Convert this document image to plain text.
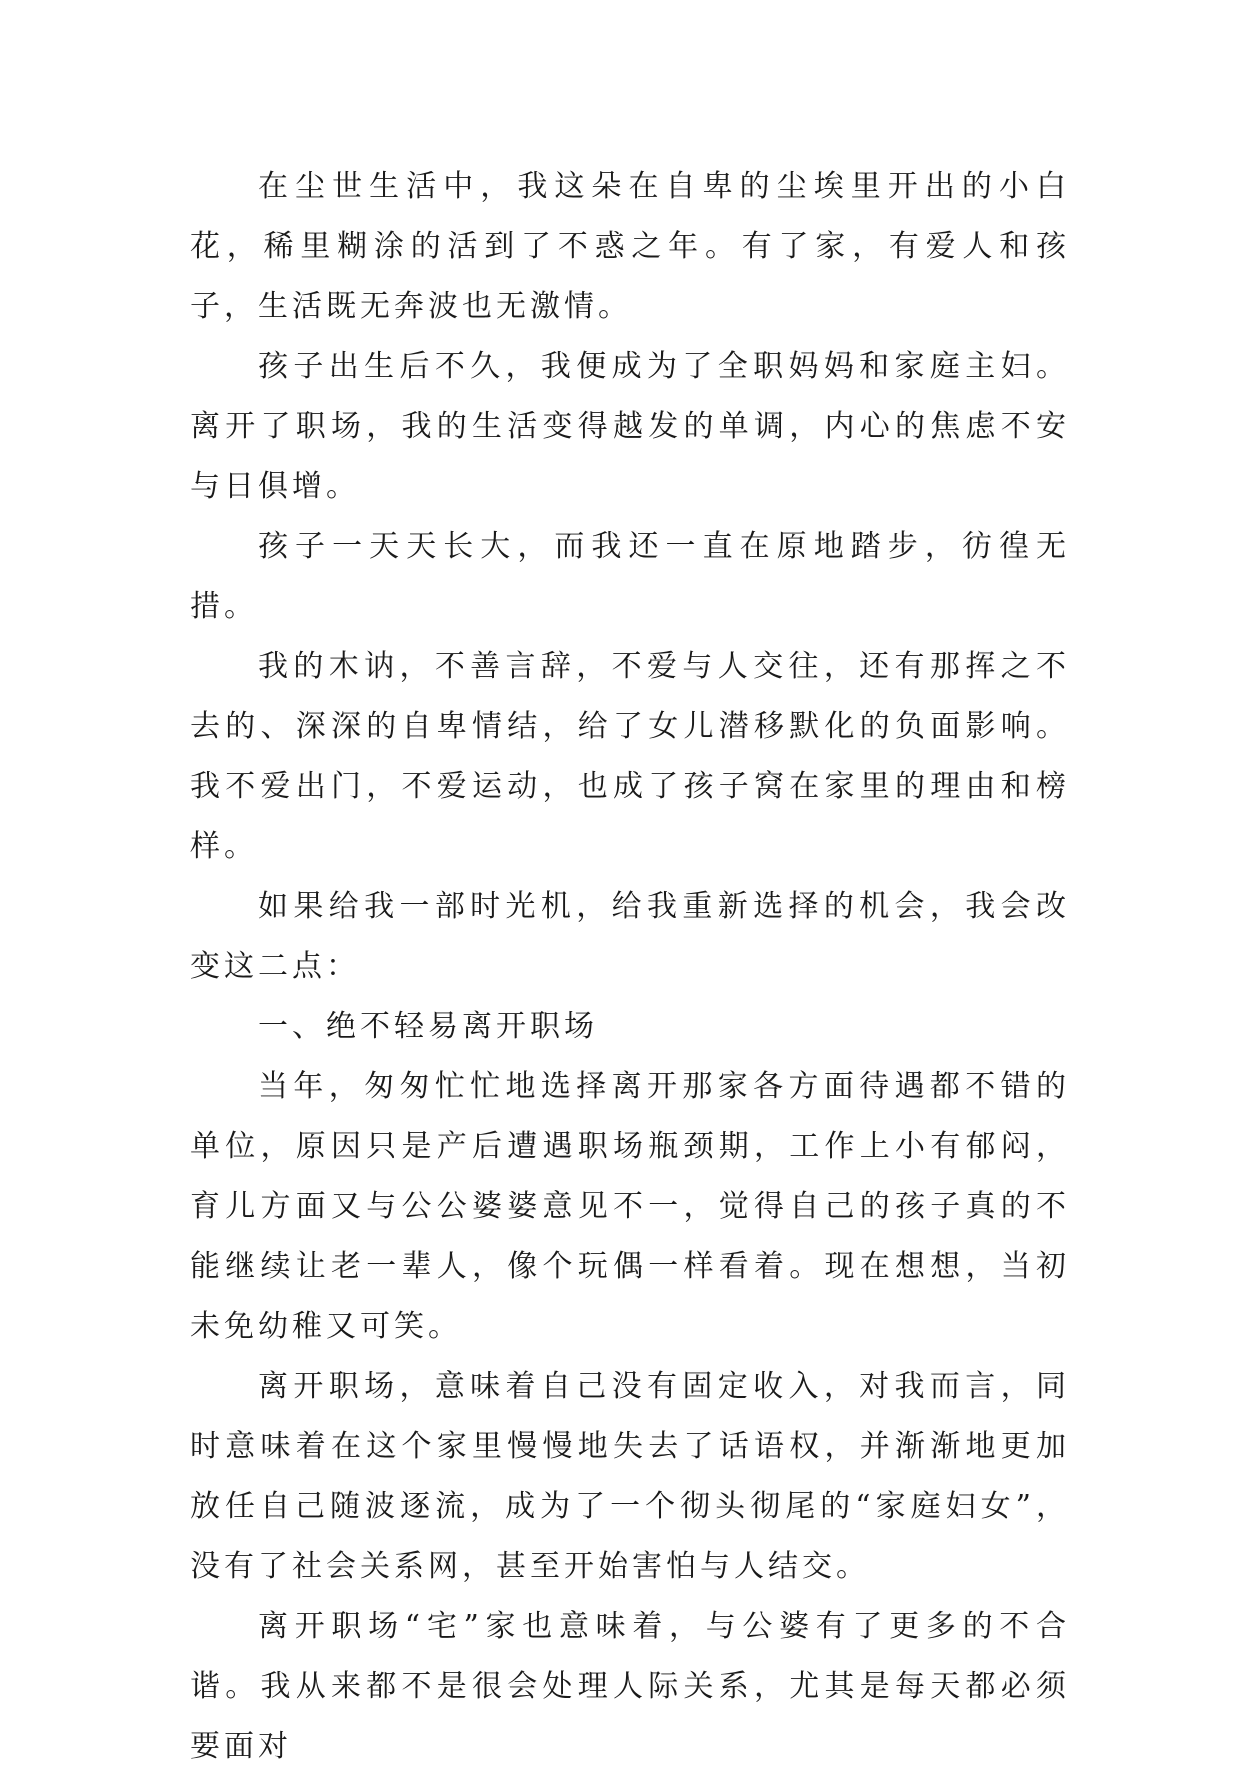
在尘世生活中，我这朵在自卑的尘埃里开出的小白花，稀里糊涂的活到了不惑之年。有了家，有爱人和孩子，生活既无奔波也无激情。

孩子出生后不久，我便成为了全职妈妈和家庭主妇。离开了职场，我的生活变得越发的单调，内心的焦虑不安与日俱增。

孩子一天天长大，而我还一直在原地踏步，彷徨无措。

我的木讷，不善言辞，不爱与人交往，还有那挥之不去的、深深的自卑情结，给了女儿潜移默化的负面影响。我不爱出门，不爱运动，也成了孩子窝在家里的理由和榜样。

如果给我一部时光机，给我重新选择的机会，我会改变这二点：

一、绝不轻易离开职场

当年，匆匆忙忙地选择离开那家各方面待遇都不错的单位，原因只是产后遭遇职场瓶颈期，工作上小有郁闷，育儿方面又与公公婆婆意见不一，觉得自己的孩子真的不能继续让老一辈人，像个玩偶一样看着。现在想想，当初未免幼稚又可笑。

离开职场，意味着自己没有固定收入，对我而言，同时意味着在这个家里慢慢地失去了话语权，并渐渐地更加放任自己随波逐流，成为了一个彻头彻尾的“家庭妇女”，没有了社会关系网，甚至开始害怕与人结交。

离开职场“宅”家也意味着，与公婆有了更多的不合谐。我从来都不是很会处理人际关系，尤其是每天都必须要面对
